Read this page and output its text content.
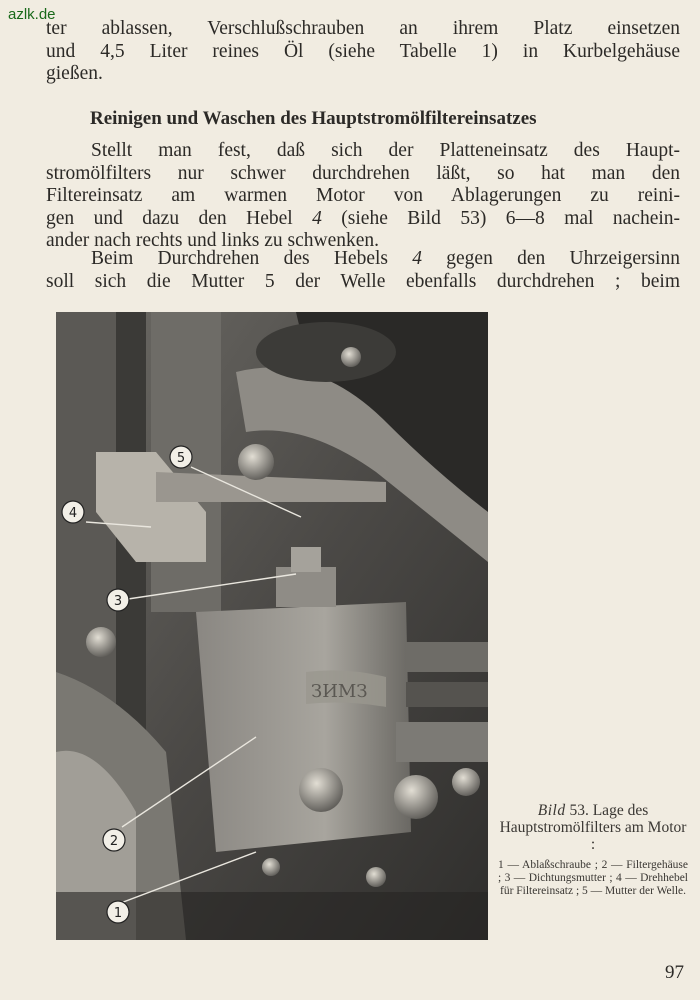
azlk.de
ter ablassen, Verschlußschrauben an ihrem Platz einsetzen
und 4,5 Liter reines Öl (siehe Tabelle 1) in Kurbelgehäuse
gießen.
Reinigen und Waschen des Hauptstromölfiltereinsatzes
Stellt man fest, daß sich der Platteneinsatz des Haupt-
stromölfilters nur schwer durchdrehen läßt, so hat man den
Filtereinsatz am warmen Motor von Ablagerungen zu reini-
gen und dazu den Hebel 4 (siehe Bild 53) 6—8 mal nachein-
ander nach rechts und links zu schwenken.
Beim Durchdrehen des Hebels 4 gegen den Uhrzeigersinn
soll sich die Mutter 5 der Welle ebenfalls durchdrehen ; beim
ЗИМЗ
5
4
3
2
1
Bild 53. Lage des Hauptstromölfilters am Motor :
1 — Ablaßschraube ; 2 — Filtergehäuse ; 3 — Dichtungsmutter ; 4 — Drehhebel für Filtereinsatz ; 5 — Mutter der Welle.
97
